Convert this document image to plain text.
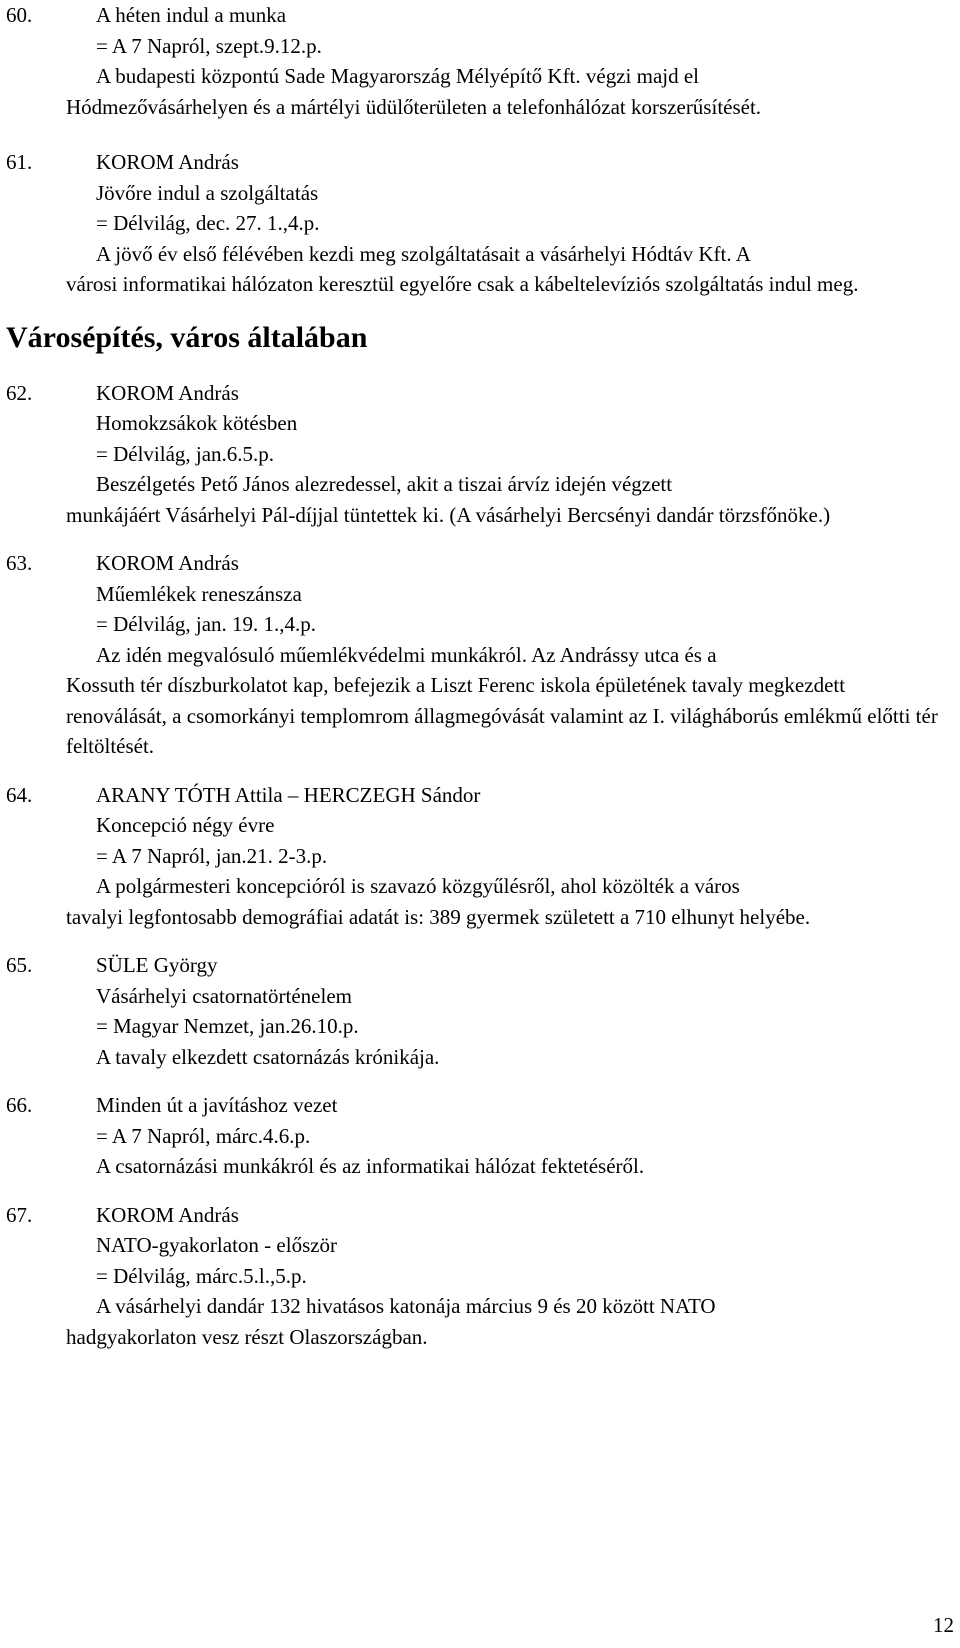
60.	A héten indul a munka
= A 7 Napról, szept.9.12.p.
A budapesti központú Sade Magyarország Mélyépítő Kft. végzi majd el
Hódmezővásárhelyen és a mártélyi üdülőterületen a telefonhálózat korszerűsítését.
61.	KOROM András
Jövőre indul a szolgáltatás
= Délvilág, dec. 27. 1.,4.p.
A jövő év első félévében kezdi meg szolgáltatásait a vásárhelyi Hódtáv Kft. A
városi informatikai hálózaton keresztül egyelőre csak a kábeltelevíziós szolgáltatás indul meg.
Városépítés, város általában
62.	KOROM András
Homokzsákok kötésben
= Délvilág, jan.6.5.p.
Beszélgetés Pető János alezredessel, akit a tiszai árvíz idején végzett
munkájáért Vásárhelyi Pál-díjjal tüntettek ki. (A vásárhelyi Bercsényi dandár törzsfőnöke.)
63.	KOROM András
Műemlékek reneszánsza
= Délvilág, jan. 19. 1.,4.p.
Az idén megvalósuló műemlékvédelmi munkákról. Az Andrássy utca és a
Kossuth tér díszburkolatot kap, befejezik a Liszt Ferenc iskola épületének tavaly megkezdett renoválását, a csomorkányi templomrom állagmegóvását valamint az I. világháborús emlékmű előtti tér feltöltését.
64.	ARANY TÓTH Attila – HERCZEGH Sándor
Koncepció négy évre
= A 7 Napról, jan.21. 2-3.p.
A polgármesteri koncepcióról is szavazó közgyűlésről, ahol közölték a város
tavalyi legfontosabb demográfiai adatát is: 389 gyermek született a 710 elhunyt helyébe.
65.	SÜLE György
Vásárhelyi csatornatörténelem
= Magyar Nemzet, jan.26.10.p.
A tavaly elkezdett csatornázás krónikája.
66.	Minden út a javításhoz vezet
= A 7 Napról, márc.4.6.p.
A csatornázási munkákról és az informatikai hálózat fektetéséről.
67.	KOROM András
NATO-gyakorlaton - először
= Délvilág, márc.5.l.,5.p.
A vásárhelyi dandár 132 hivatásos katonája március 9 és 20 között NATO
hadgyakorlaton vesz részt Olaszországban.
12
